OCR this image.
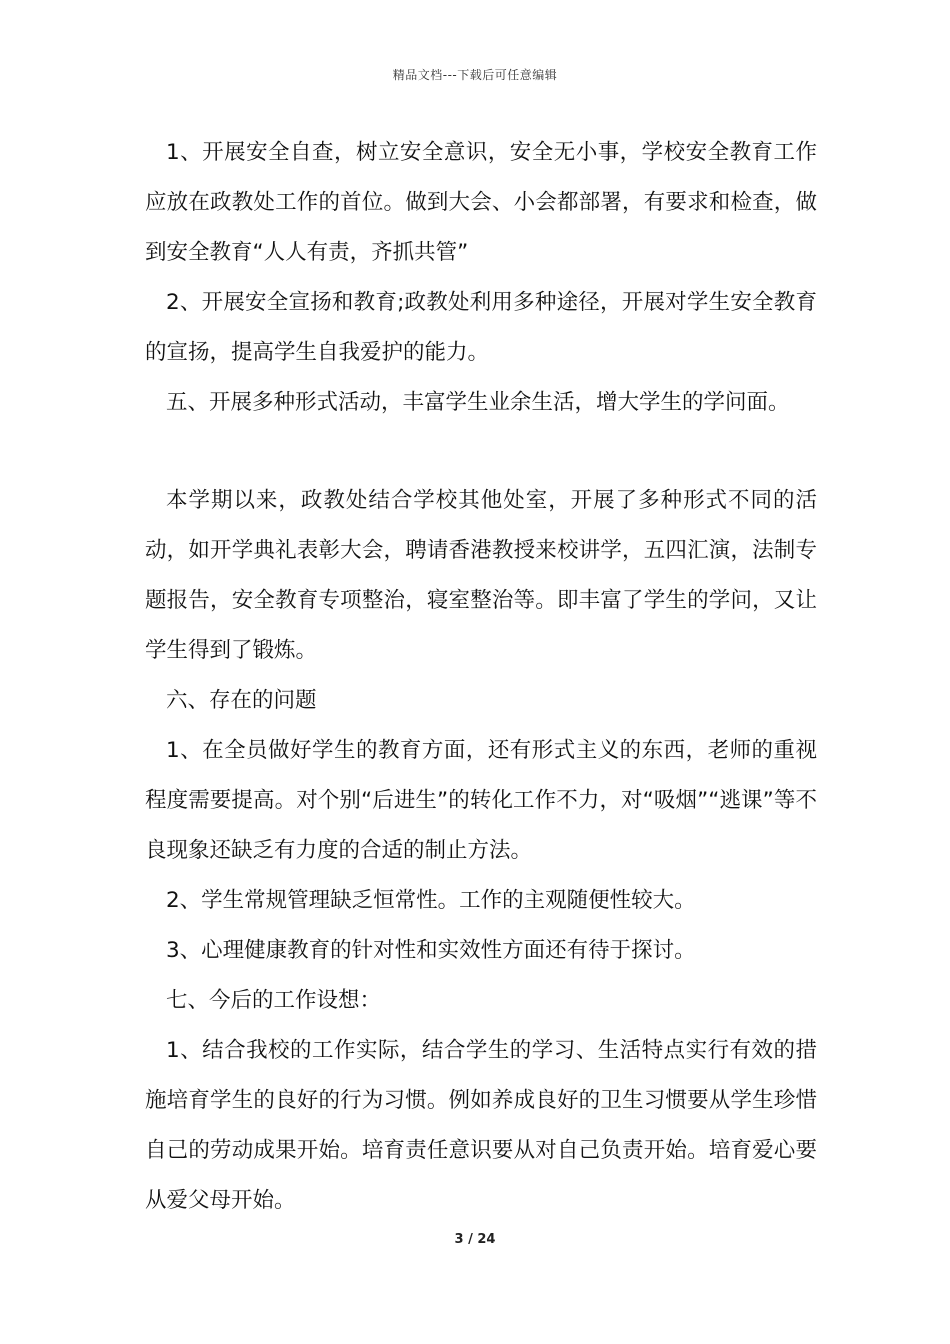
精品文档---下载后可任意编辑

1、开展安全自查，树立安全意识，安全无小事，学校安全教育工作应放在政教处工作的首位。做到大会、小会都部署，有要求和检查，做到安全教育“人人有责，齐抓共管”

2、开展安全宣扬和教育;政教处利用多种途径，开展对学生安全教育的宣扬，提高学生自我爱护的能力。

五、开展多种形式活动，丰富学生业余生活，增大学生的学问面。

本学期以来，政教处结合学校其他处室，开展了多种形式不同的活动，如开学典礼表彰大会，聘请香港教授来校讲学，五四汇演，法制专题报告，安全教育专项整治，寝室整治等。即丰富了学生的学问，又让学生得到了锻炼。

六、存在的问题

1、在全员做好学生的教育方面，还有形式主义的东西，老师的重视程度需要提高。对个别“后进生”的转化工作不力，对“吸烟”“逃课”等不良现象还缺乏有力度的合适的制止方法。

2、学生常规管理缺乏恒常性。工作的主观随便性较大。

3、心理健康教育的针对性和实效性方面还有待于探讨。

七、今后的工作设想：

1、结合我校的工作实际，结合学生的学习、生活特点实行有效的措施培育学生的良好的行为习惯。例如养成良好的卫生习惯要从学生珍惜自己的劳动成果开始。培育责任意识要从对自己负责开始。培育爱心要从爱父母开始。

3 / 24
